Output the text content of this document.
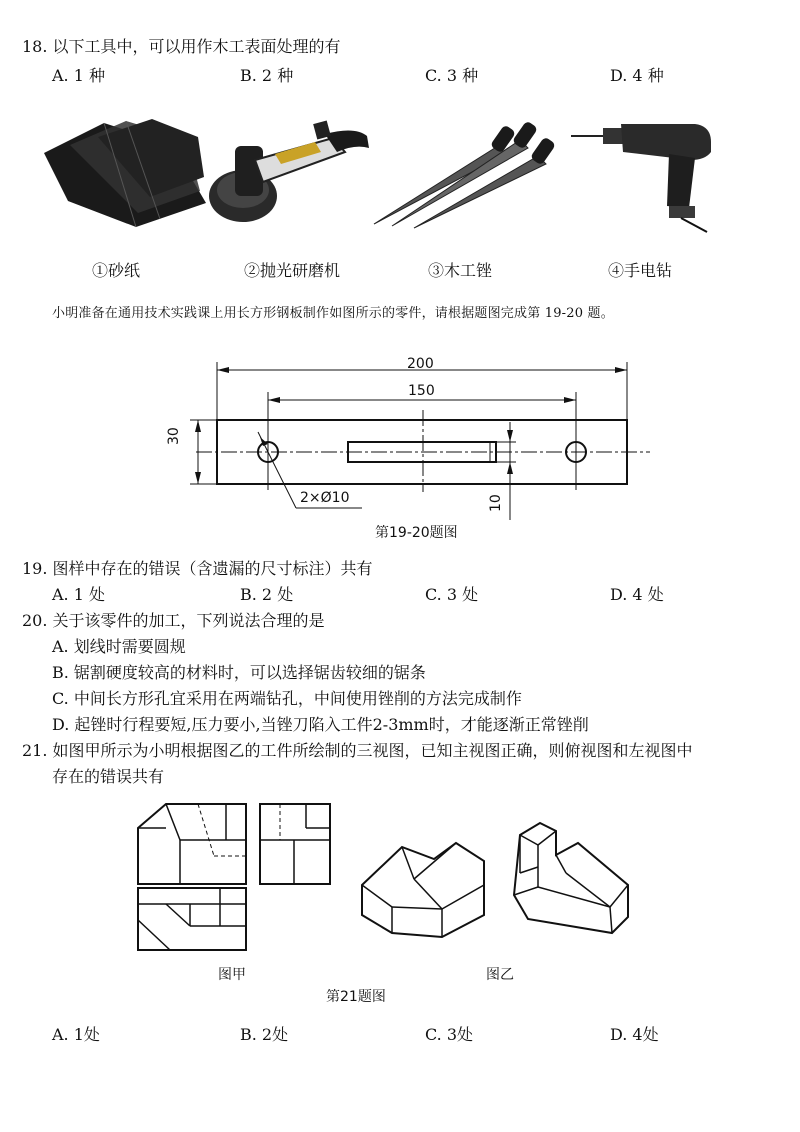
18. 以下工具中，可以用作木工表面处理的有
A. 1 种	B. 2 种	C. 3 种	D. 4 种
①砂纸	②抛光研磨机	③木工锉	④手电钻
小明准备在通用技术实践课上用长方形钢板制作如图所示的零件，请根据题图完成第 19-20 题。
200
150
30
10
2×Ø10
第19-20题图
19. 图样中存在的错误（含遗漏的尺寸标注）共有
A. 1 处	B. 2 处	C. 3 处	D. 4 处
20. 关于该零件的加工，下列说法合理的是
A. 划线时需要圆规
B. 锯割硬度较高的材料时，可以选择锯齿较细的锯条
C. 中间长方形孔宜采用在两端钻孔，中间使用锉削的方法完成制作
D. 起锉时行程要短,压力要小,当锉刀陷入工件2-3mm时，才能逐渐正常锉削
21. 如图甲所示为小明根据图乙的工件所绘制的三视图，已知主视图正确，则俯视图和左视图中
存在的错误共有
图甲	图乙
第21题图
A. 1处	B. 2处	C. 3处	D. 4处
